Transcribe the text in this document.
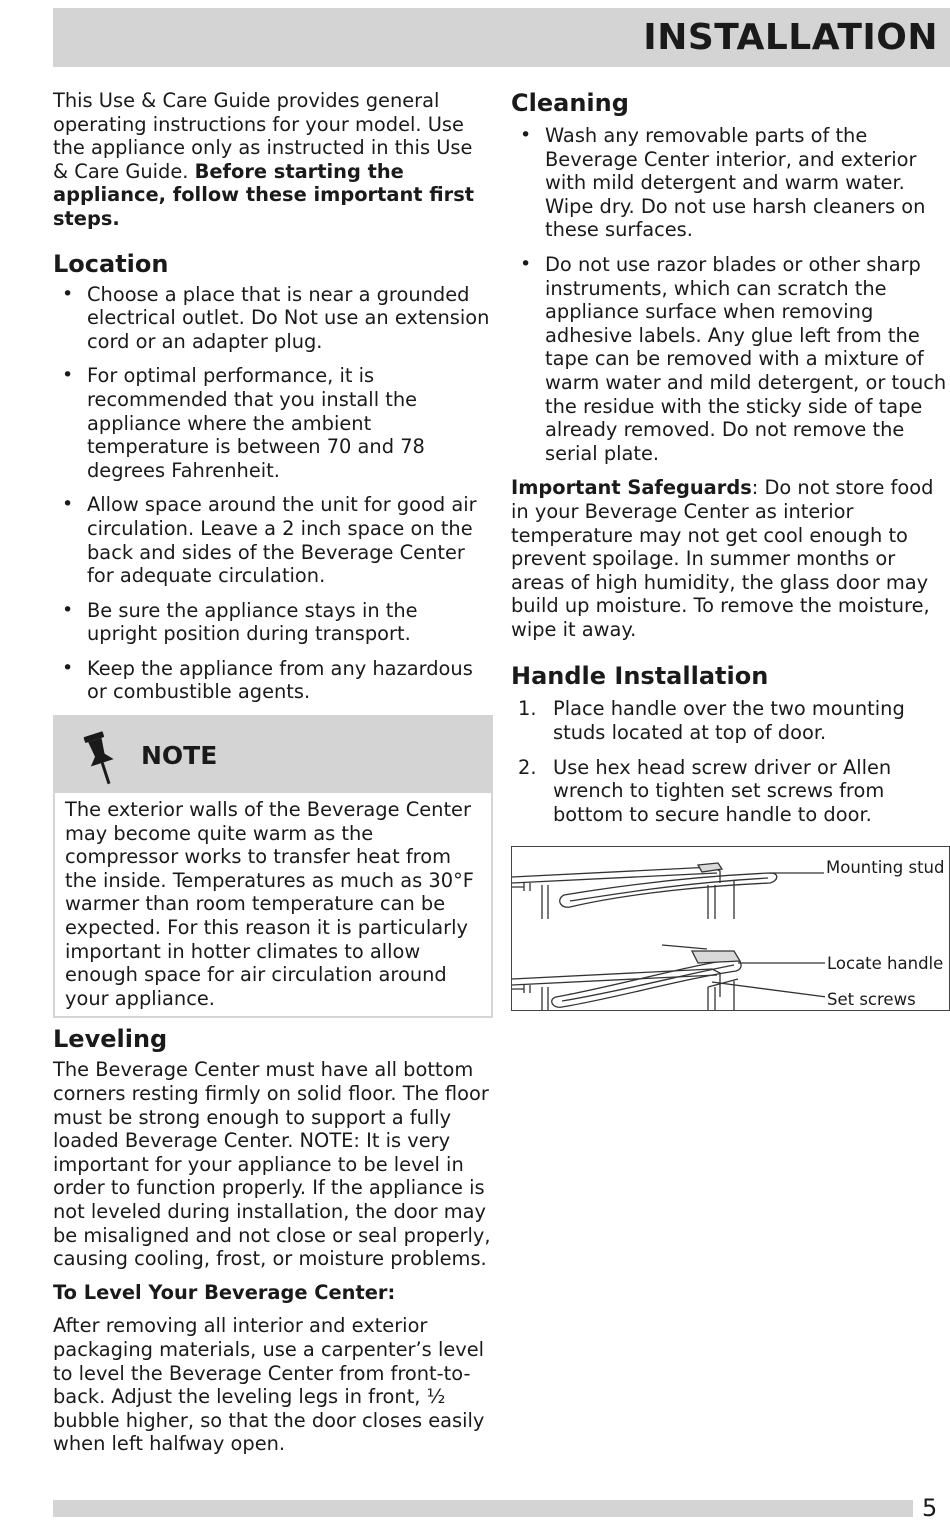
INSTALLATION

This Use & Care Guide provides general operating instructions for your model. Use the appliance only as instructed in this Use & Care Guide. Before starting the appliance, follow these important first steps.

Location
• Choose a place that is near a grounded electrical outlet. Do Not use an extension cord or an adapter plug.
• For optimal performance, it is recommended that you install the appliance where the ambient temperature is between 70 and 78 degrees Fahrenheit.
• Allow space around the unit for good air circulation. Leave a 2 inch space on the back and sides of the Beverage Center for adequate circulation.
• Be sure the appliance stays in the upright position during transport.
• Keep the appliance from any hazardous or combustible agents.
NOTE
The exterior walls of the Beverage Center may become quite warm as the compressor works to transfer heat from the inside. Temperatures as much as 30°F warmer than room temperature can be expected. For this reason it is particularly important in hotter climates to allow enough space for air circulation around your appliance.
Leveling

The Beverage Center must have all bottom corners resting firmly on solid floor. The floor must be strong enough to support a fully loaded Beverage Center. NOTE: It is very important for your appliance to be level in order to function properly. If the appliance is not leveled during installation, the door may be misaligned and not close or seal properly, causing cooling, frost, or moisture problems.

To Level Your Beverage Center:

After removing all interior and exterior packaging materials, use a carpenter’s level to level the Beverage Center from front-to-back. Adjust the leveling legs in front, ½ bubble higher, so that the door closes easily when left halfway open.

Cleaning
• Wash any removable parts of the Beverage Center interior, and exterior with mild detergent and warm water. Wipe dry. Do not use harsh cleaners on these surfaces.
• Do not use razor blades or other sharp instruments, which can scratch the appliance surface when removing adhesive labels. Any glue left from the tape can be removed with a mixture of warm water and mild detergent, or touch the residue with the sticky side of tape already removed. Do not remove the serial plate.

Important Safeguards: Do not store food in your Beverage Center as interior temperature may not get cool enough to prevent spoilage. In summer months or areas of high humidity, the glass door may build up moisture. To remove the moisture, wipe it away.

Handle Installation
1. Place handle over the two mounting studs located at top of door.
2. Use hex head screw driver or Allen wrench to tighten set screws from bottom to secure handle to door.
Mounting stud
Locate handle
Set screws
5
